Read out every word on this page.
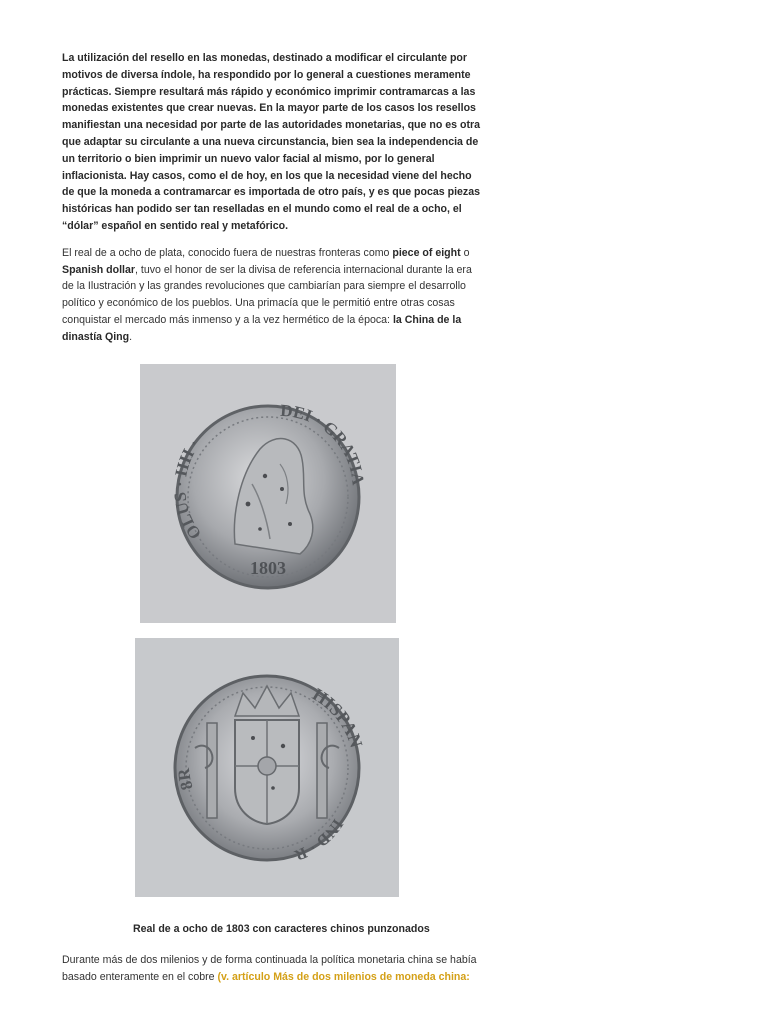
La utilización del resello en las monedas, destinado a modificar el circulante por motivos de diversa índole, ha respondido por lo general a cuestiones meramente prácticas. Siempre resultará más rápido y económico imprimir contramarcas a las monedas existentes que crear nuevas. En la mayor parte de los casos los resellos manifiestan una necesidad por parte de las autoridades monetarias, que no es otra que adaptar su circulante a una nueva circunstancia, bien sea la independencia de un territorio o bien imprimir un nuevo valor facial al mismo, por lo general inflacionista. Hay casos, como el de hoy, en los que la necesidad viene del hecho de que la moneda a contramarcar es importada de otro país, y es que pocas piezas históricas han podido ser tan reselladas en el mundo como el real de a ocho, el “dólar” español en sentido real y metafórico.

El real de a ocho de plata, conocido fuera de nuestras fronteras como piece of eight o Spanish dollar, tuvo el honor de ser la divisa de referencia internacional durante la era de la Ilustración y las grandes revoluciones que cambiarían para siempre el desarrollo político y económico de los pueblos. Una primacía que le permitió entre otras cosas conquistar el mercado más inmenso y a la vez hermético de la época: la China de la dinastía Qing.

OLUS · IIII ·
DEI · GRATIA
1803
8R
HISPAN
IND · R

Real de a ocho de 1803 con caracteres chinos punzonados

Durante más de dos milenios y de forma continuada la política monetaria china se había basado enteramente en el cobre (v. artículo Más de dos milenios de moneda china:
